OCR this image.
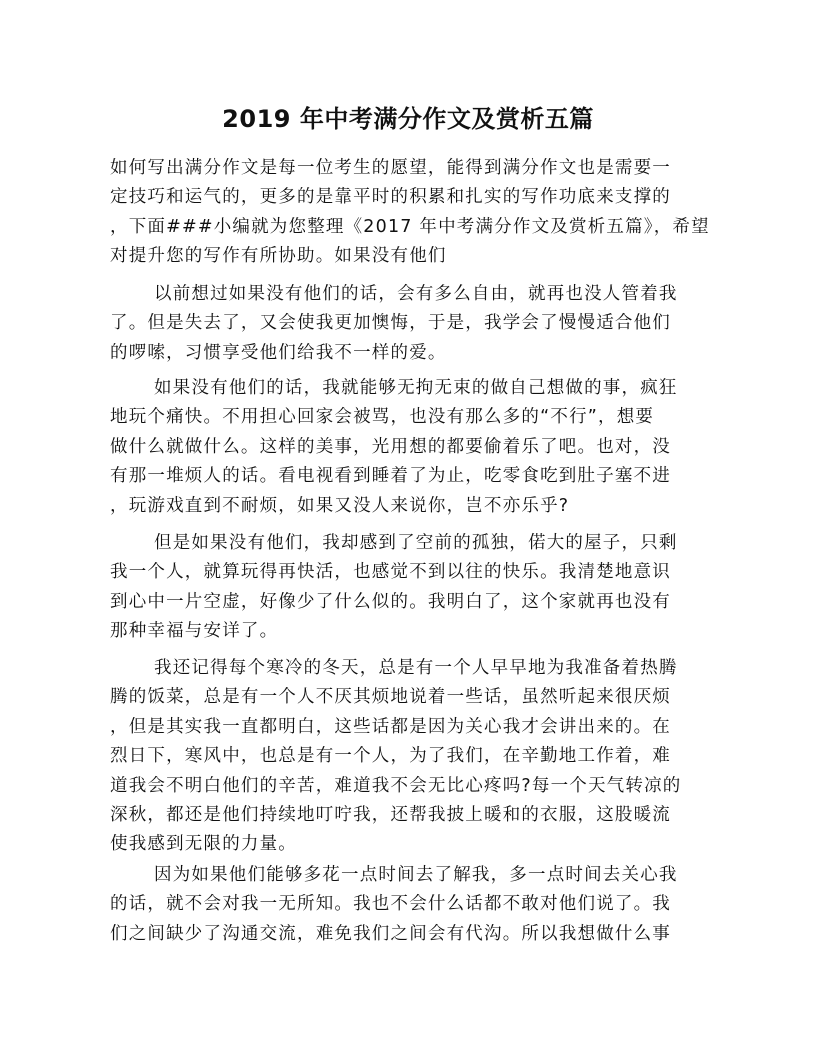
2019 年中考满分作文及赏析五篇
如何写出满分作文是每一位考生的愿望，能得到满分作文也是需要一
定技巧和运气的，更多的是靠平时的积累和扎实的写作功底来支撑的
，下面###小编就为您整理《2017 年中考满分作文及赏析五篇》，希望
对提升您的写作有所协助。如果没有他们
以前想过如果没有他们的话，会有多么自由，就再也没人管着我
了。但是失去了，又会使我更加懊悔，于是，我学会了慢慢适合他们
的啰嗦，习惯享受他们给我不一样的爱。
如果没有他们的话，我就能够无拘无束的做自己想做的事，疯狂
地玩个痛快。不用担心回家会被骂，也没有那么多的“不行”，想要
做什么就做什么。这样的美事，光用想的都要偷着乐了吧。也对，没
有那一堆烦人的话。看电视看到睡着了为止，吃零食吃到肚子塞不进
，玩游戏直到不耐烦，如果又没人来说你，岂不亦乐乎?
但是如果没有他们，我却感到了空前的孤独，偌大的屋子，只剩
我一个人，就算玩得再快活，也感觉不到以往的快乐。我清楚地意识
到心中一片空虚，好像少了什么似的。我明白了，这个家就再也没有
那种幸福与安详了。
我还记得每个寒冷的冬天，总是有一个人早早地为我准备着热腾
腾的饭菜，总是有一个人不厌其烦地说着一些话，虽然听起来很厌烦
，但是其实我一直都明白，这些话都是因为关心我才会讲出来的。在
烈日下，寒风中，也总是有一个人，为了我们，在辛勤地工作着，难
道我会不明白他们的辛苦，难道我不会无比心疼吗?每一个天气转凉的
深秋，都还是他们持续地叮咛我，还帮我披上暖和的衣服，这股暖流
使我感到无限的力量。
因为如果他们能够多花一点时间去了解我，多一点时间去关心我
的话，就不会对我一无所知。我也不会什么话都不敢对他们说了。我
们之间缺少了沟通交流，难免我们之间会有代沟。所以我想做什么事
